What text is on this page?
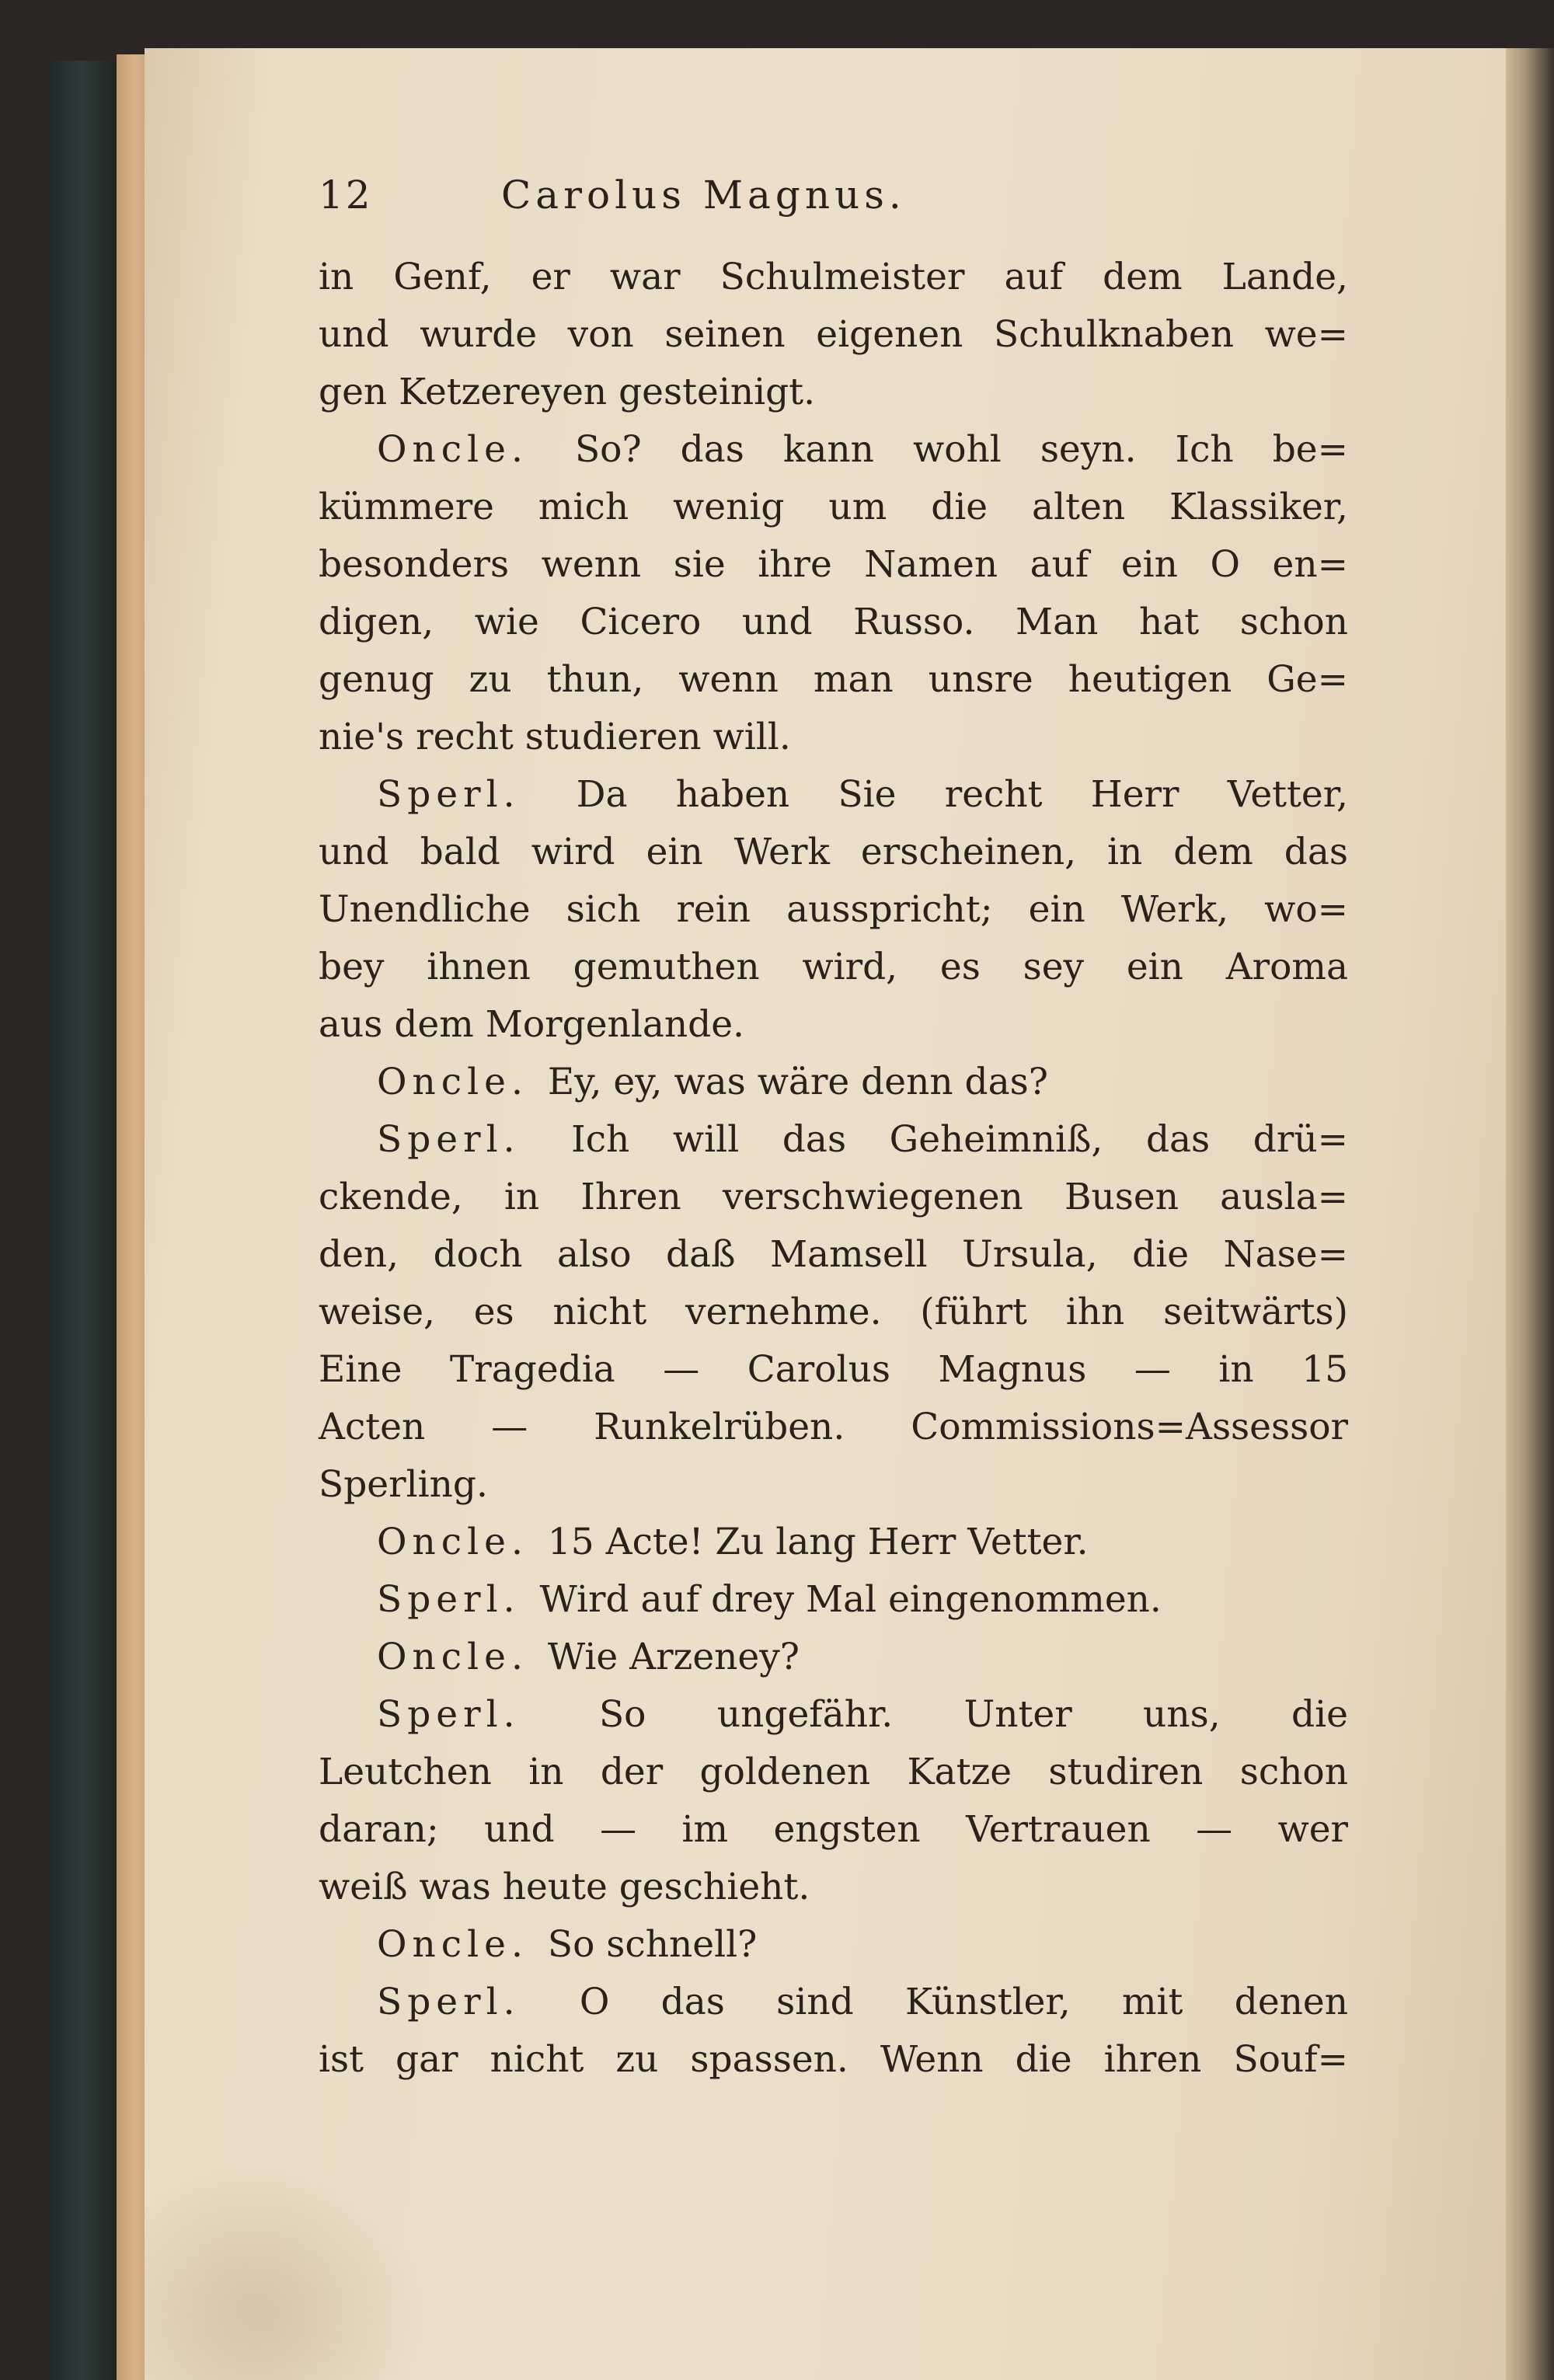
12	Carolus Magnus.
in Genf, er war Schulmeister auf dem Lande,
und wurde von seinen eigenen Schulknaben we=
gen Ketzereyen gesteinigt.
Oncle. So? das kann wohl seyn. Ich be=
kümmere mich wenig um die alten Klassiker,
besonders wenn sie ihre Namen auf ein O en=
digen, wie Cicero und Russo. Man hat schon
genug zu thun, wenn man unsre heutigen Ge=
nie's recht studieren will.
Sperl. Da haben Sie recht Herr Vetter,
und bald wird ein Werk erscheinen, in dem das
Unendliche sich rein ausspricht; ein Werk, wo=
bey ihnen gemuthen wird, es sey ein Aroma
aus dem Morgenlande.
Oncle. Ey, ey, was wäre denn das?
Sperl. Ich will das Geheimniß, das drü=
ckende, in Ihren verschwiegenen Busen ausla=
den, doch also daß Mamsell Ursula, die Nase=
weise, es nicht vernehme. (führt ihn seitwärts)
Eine Tragedia — Carolus Magnus — in 15
Acten — Runkelrüben. Commissions=Assessor
Sperling.
Oncle. 15 Acte! Zu lang Herr Vetter.
Sperl. Wird auf drey Mal eingenommen.
Oncle. Wie Arzeney?
Sperl. So ungefähr. Unter uns, die
Leutchen in der goldenen Katze studiren schon
daran; und — im engsten Vertrauen — wer
weiß was heute geschieht.
Oncle. So schnell?
Sperl. O das sind Künstler, mit denen
ist gar nicht zu spassen. Wenn die ihren Souf=
